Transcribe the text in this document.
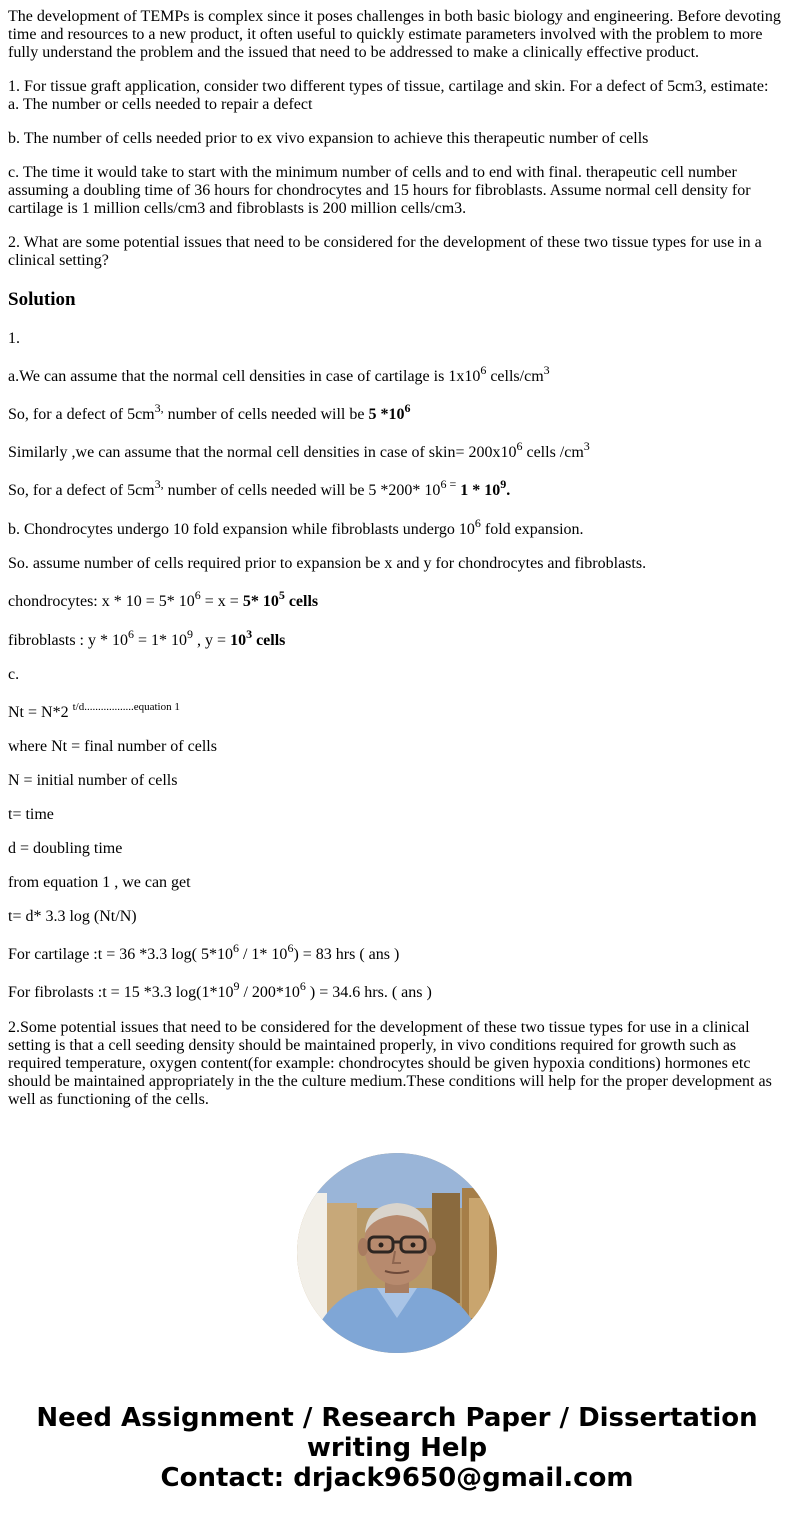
The development of TEMPs is complex since it poses challenges in both basic biology and engineering. Before devoting
time and resources to a new product, it often useful to quickly estimate parameters involved with the problem to more
fully understand the problem and the issued that need to be addressed to make a clinically effective product.
1. For tissue graft application, consider two different types of tissue, cartilage and skin. For a defect of 5cm3, estimate:
a. The number or cells needed to repair a defect
b. The number of cells needed prior to ex vivo expansion to achieve this therapeutic number of cells
c. The time it would take to start with the minimum number of cells and to end with final. therapeutic cell number
assuming a doubling time of 36 hours for chondrocytes and 15 hours for fibroblasts. Assume normal cell density for
cartilage is 1 million cells/cm3 and fibroblasts is 200 million cells/cm3.
2. What are some potential issues that need to be considered for the development of these two tissue types for use in a
clinical setting?
Solution
1.
a.We can assume that the normal cell densities in case of cartilage is $1x10^6$ cells/$cm^3$
So, for a defect of $5cm^{3,}$ number of cells needed will be 5 $*10^6$
Similarly ,we can assume that the normal cell densities in case of skin= $200x10^6$ cells $/cm^3$
So, for a defect of $5cm^{3,}$ number of cells needed will be 5 *200* $10^{6 =}$ $1 * 10^9$.
b. Chondrocytes undergo 10 fold expansion while fibroblasts undergo $10^6$ fold expansion.
So. assume number of cells required prior to expansion be x and y for chondrocytes and fibroblasts.
chondrocytes: x * 10 = 5* $10^6 = x = 5*$ $10^5$ cells
fibroblasts : $y * 10^6 = 1*$ $10^9$ , $y = 10^3$ cells
c.
Nt = N*2 $^{t/d..................equation 1}$
where Nt = final number of cells
N = initial number of cells
t= time
d = doubling time
from equation 1 , we can get
t= d* 3.3 log (Nt/N)
For cartilage :t = 36 *3.3 log( $5*10^6 / 1*$ $10^6) = 83$ hrs ( ans )
For fibrolasts :t = 15 *3.3 $\log(1*10^9 / 200*10^6$ ) = 34.6 hrs. ( ans )
2.Some potential issues that need to be considered for the development of these two tissue types for use in a clinical
setting is that a cell seeding density should be maintained properly, in vivo conditions required for growth such as
required temperature, oxygen content(for example: chondrocytes should be given hypoxia conditions) hormones etc
should be maintained appropriately in the the culture medium.These conditions will help for the proper development as
well as functioning of the cells.
Need Assignment / Research Paper / Dissertation
writing Help
Contact: drjack9650@gmail.com
